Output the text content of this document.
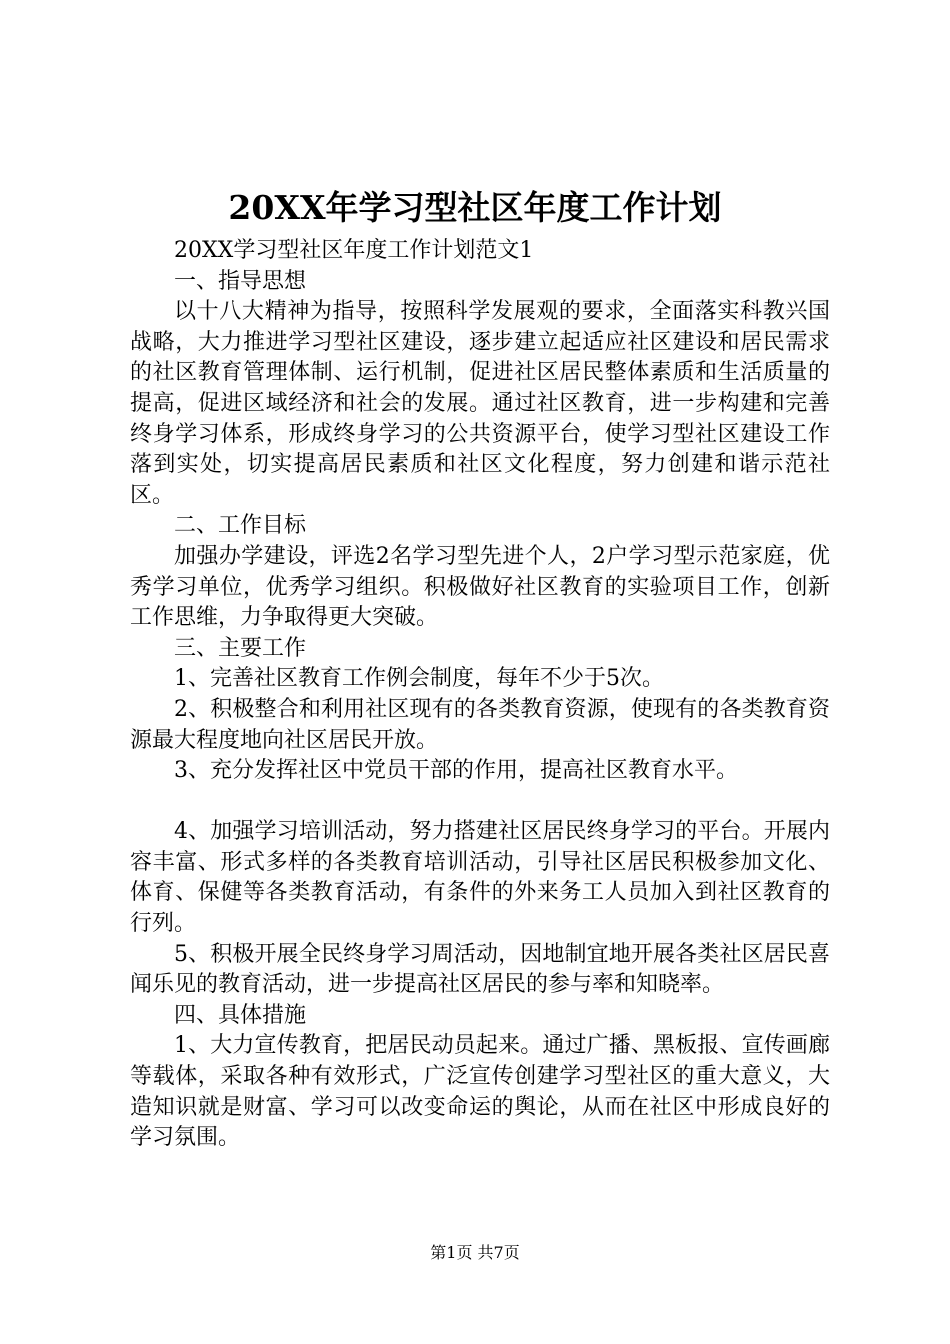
20XX年学习型社区年度工作计划

20XX学习型社区年度工作计划范文1

一、指导思想

以十八大精神为指导，按照科学发展观的要求，全面落实科教兴国战略，大力推进学习型社区建设，逐步建立起适应社区建设和居民需求的社区教育管理体制、运行机制，促进社区居民整体素质和生活质量的提高，促进区域经济和社会的发展。通过社区教育，进一步构建和完善终身学习体系，形成终身学习的公共资源平台，使学习型社区建设工作落到实处，切实提高居民素质和社区文化程度，努力创建和谐示范社区。

二、工作目标

加强办学建设，评选2名学习型先进个人，2户学习型示范家庭，优秀学习单位，优秀学习组织。积极做好社区教育的实验项目工作，创新工作思维，力争取得更大突破。

三、主要工作

1、完善社区教育工作例会制度，每年不少于5次。

2、积极整合和利用社区现有的各类教育资源，使现有的各类教育资源最大程度地向社区居民开放。

3、充分发挥社区中党员干部的作用，提高社区教育水平。

4、加强学习培训活动，努力搭建社区居民终身学习的平台。开展内容丰富、形式多样的各类教育培训活动，引导社区居民积极参加文化、体育、保健等各类教育活动，有条件的外来务工人员加入到社区教育的行列。

5、积极开展全民终身学习周活动，因地制宜地开展各类社区居民喜闻乐见的教育活动，进一步提高社区居民的参与率和知晓率。

四、具体措施

1、大力宣传教育，把居民动员起来。通过广播、黑板报、宣传画廊等载体，采取各种有效形式，广泛宣传创建学习型社区的重大意义，大造知识就是财富、学习可以改变命运的舆论，从而在社区中形成良好的学习氛围。

第1页 共7页
